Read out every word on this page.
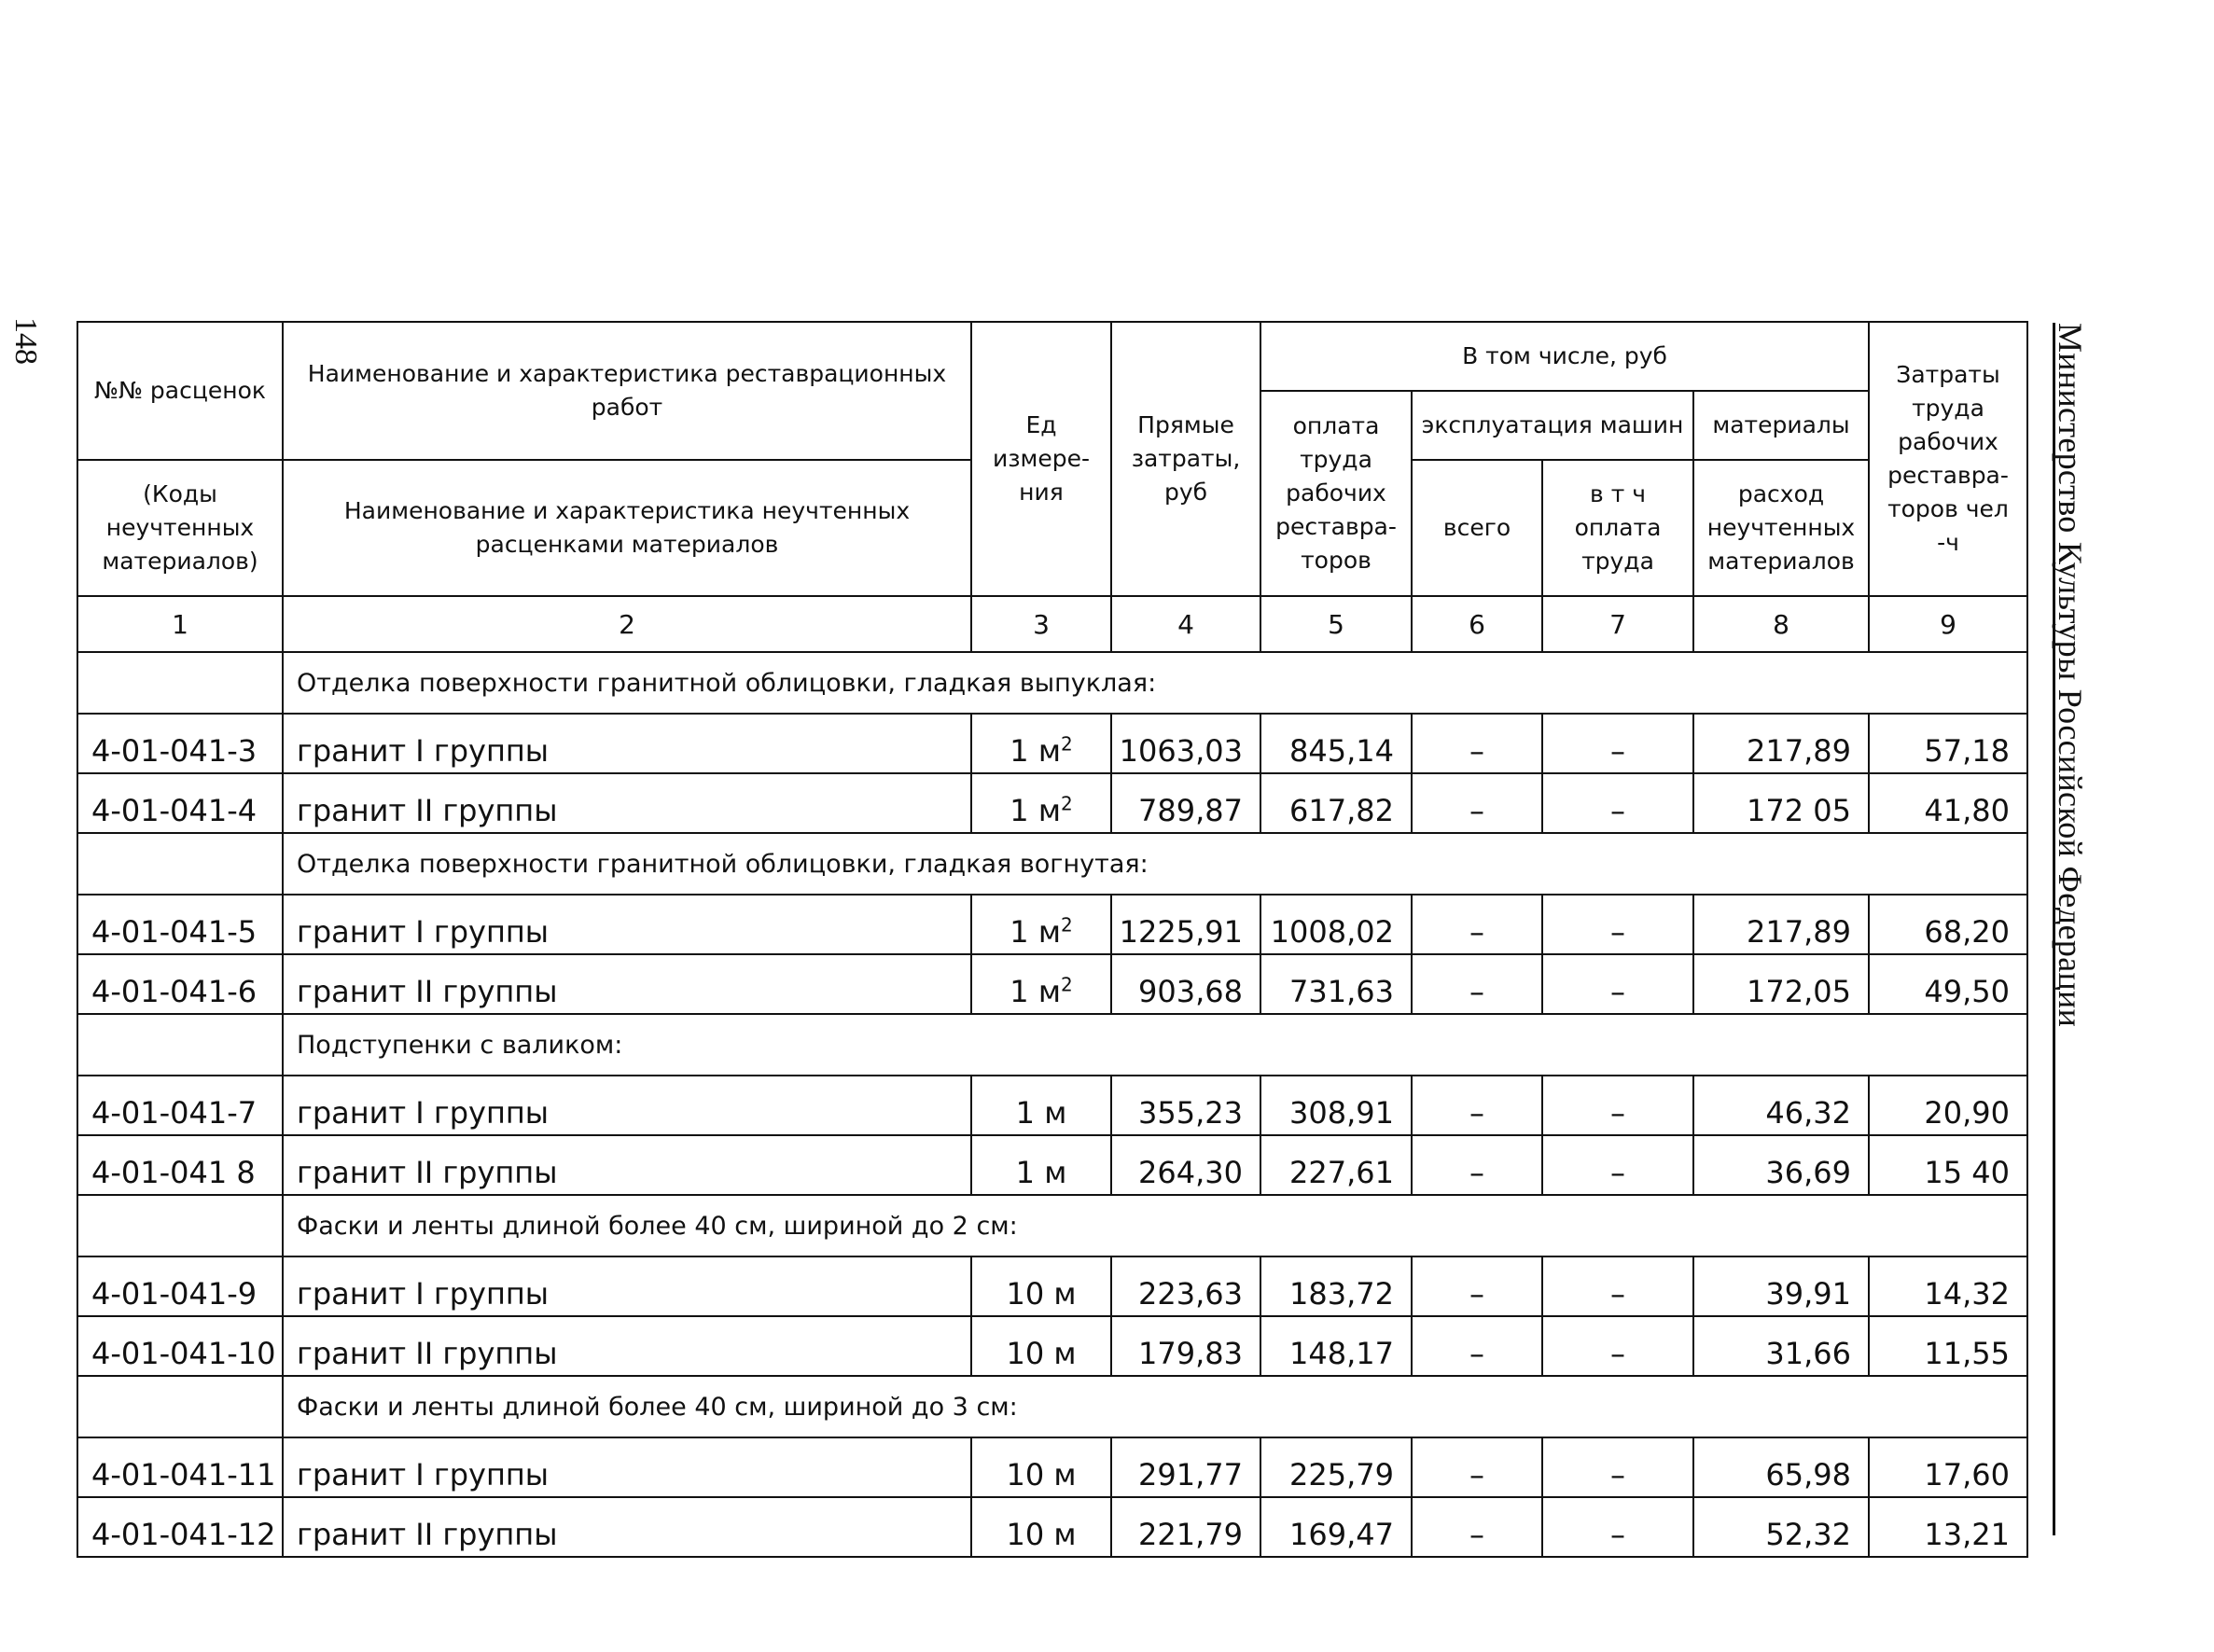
148	Министерство Культуры Российской Федерации
№№ расценок	Наименование и характеристика реставрационных работ	Ед измере-ния	Прямые затраты, руб	В том числе, руб				Затраты труда рабочих реставра-торов чел -ч
				оплата труда рабочих реставра-торов	эксплуатация машин		материалы	
(Коды неучтенных материалов)	Наименование и характеристика неучтенных расценками материалов				всего	в т ч оплата труда	расход неучтенных материалов	
1	2	3	4	5	6	7	8	9
	Отделка поверхности гранитной облицовки, гладкая выпуклая:							
4-01-041-3	гранит I группы	1 $м^2$	1063,03	845,14	–	–	217,89	57,18
4-01-041-4	гранит II группы	1 $м^2$	789,87	617,82	–	–	172 05	41,80
	Отделка поверхности гранитной облицовки, гладкая вогнутая:							
4-01-041-5	гранит I группы	1 $м^2$	1225,91	1008,02	–	–	217,89	68,20
4-01-041-6	гранит II группы	1 $м^2$	903,68	731,63	–	–	172,05	49,50
	Подступенки с валиком:							
4-01-041-7	гранит I группы	1 м	355,23	308,91	–	–	46,32	20,90
4-01-041 8	гранит II группы	1 м	264,30	227,61	–	–	36,69	15 40
	Фаски и ленты длиной более 40 см, шириной до 2 см:							
4-01-041-9	гранит I группы	10 м	223,63	183,72	–	–	39,91	14,32
4-01-041-10	гранит II группы	10 м	179,83	148,17	–	–	31,66	11,55
	Фаски и ленты длиной более 40 см, шириной до 3 см:							
4-01-041-11	гранит I группы	10 м	291,77	225,79	–	–	65,98	17,60
4-01-041-12	гранит II группы	10 м	221,79	169,47	–	–	52,32	13,21
